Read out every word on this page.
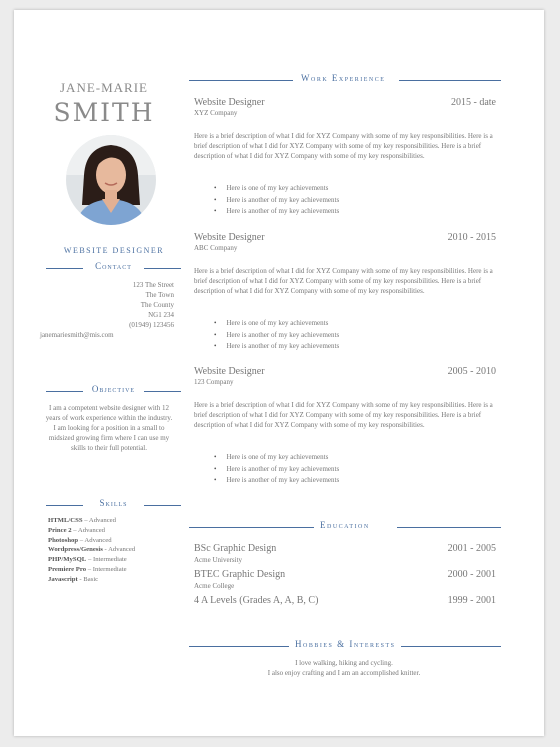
JANE-MARIE
SMITH
WEBSITE DESIGNER
Contact
123 The Street
The Town
The County
NG1 234
(01949) 123456
janemariesmith@mis.com
Objective
I am a competent website designer with 12 years of work experience within the industry. I am looking for a position in a small to midsized growing firm where I can use my skills to their full potential.
Skills
HTML/CSS – Advanced
Prince 2 – Advanced
Photoshop – Advanced
Wordpress/Genesis - Advanced
PHP/MySQL – Intermediate
Premiere Pro – Intermediate
Javascript - Basic
Work Experience
Website Designer	2015 - date
XYZ Company
Here is a brief description of what I did for XYZ Company with some of my key responsibilities. Here is a brief description of what I did for XYZ Company with some of my key responsibilities. Here is a brief description of what I did for XYZ Company with some of my key responsibilities.
• Here is one of my key achievements
• Here is another of my key achievements
• Here is another of my key achievements
Website Designer	2010 - 2015
ABC Company
Here is a brief description of what I did for XYZ Company with some of my key responsibilities. Here is a brief description of what I did for XYZ Company with some of my key responsibilities. Here is a brief description of what I did for XYZ Company with some of my key responsibilities.
• Here is one of my key achievements
• Here is another of my key achievements
• Here is another of my key achievements
Website Designer	2005 - 2010
123 Company
Here is a brief description of what I did for XYZ Company with some of my key responsibilities. Here is a brief description of what I did for XYZ Company with some of my key responsibilities. Here is a brief description of what I did for XYZ Company with some of my key responsibilities.
• Here is one of my key achievements
• Here is another of my key achievements
• Here is another of my key achievements
Education
BSc Graphic Design	2001 - 2005
Acme University
BTEC Graphic Design	2000 - 2001
Acme College
4 A Levels (Grades A, A, B, C)	1999 - 2001
Hobbies & Interests
I love walking, hiking and cycling.
I also enjoy crafting and I am an accomplished knitter.
